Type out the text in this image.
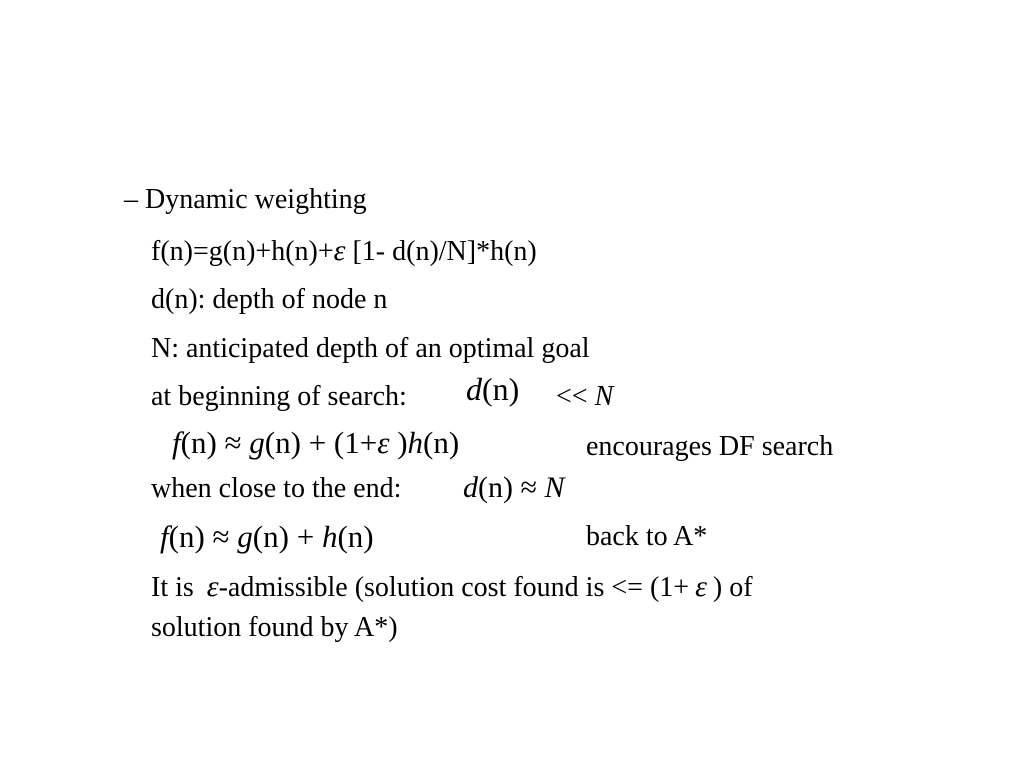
– Dynamic weighting
f(n)=g(n)+h(n)+ε [1- d(n)/N]*h(n)
d(n): depth of node n
N: anticipated depth of an optimal goal
at beginning of search: d(n) << N
f(n) ≈ g(n) + (1+ε )h(n)	encourages DF search
when close to the end: d(n) ≈ N
f(n) ≈ g(n) + h(n)	back to A*
It is ε-admissible (solution cost found is <= (1+ ε ) of
solution found by A*)
